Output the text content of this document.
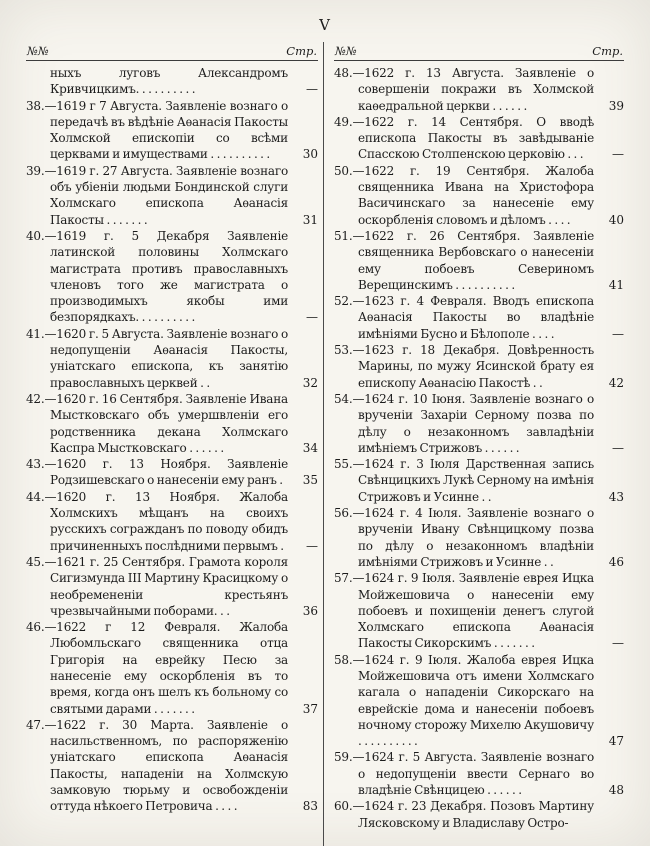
V
№№	Стр.
ныхъ луговъ Александромъ Кривчицкимъ. . . . . . . . . .	—
38.—1619 г 7 Августа. Заявленіе вознаго о передачѣ въ вѣдѣніе Аѳанасія Пакосты Холмской епископіи со всѣми церквами и имуществами . . . . . . . . . .	30
39.—1619 г. 27 Августа. Заявленіе вознаго объ убіеніи людьми Бондинской слуги Холмскаго епископа Аѳанасія Пакосты . . . . . . .	31
40.—1619 г. 5 Декабря Заявленіе латинской половины Холмскаго магистрата противъ православныхъ членовъ того же магистрата о производимыхъ якобы ими безпорядкахъ. . . . . . . . . .	—
41.—1620 г. 5 Августа. Заявленіе вознаго о недопущеніи Аѳанасія Пакосты, уніатскаго епископа, къ занятію православныхъ церквей . .	32
42.—1620 г. 16 Сентября. Заявленіе Ивана Мыстковскаго объ умершвленіи его родственника декана Холмскаго Каспра Мыстковскаго . . . . . .	34
43.—1620 г. 13 Ноября. Заявленіе Родзишевскаго о нанесеніи ему ранъ . 35
44.—1620 г. 13 Ноября. Жалоба Холмскихъ мѣщанъ на своихъ русскихъ согражданъ по поводу обидъ причиненныхъ послѣдними первымъ . —
45.—1621 г. 25 Сентября. Грамота короля Сигизмунда III Мартину Красицкому о необремененіи крестьянъ чрезвычайными поборами. . .	36
46.—1622 г 12 Февраля. Жалоба Любомльскаго священника отца Григорія на еврейку Песю за нанесеніе ему оскорбленія въ то время, когда онъ шелъ къ больному со святыми дарами . . . . . . .	37
47.—1622 г. 30 Марта. Заявленіе о насильственномъ, по распоряженію уніатскаго епископа Аѳанасія Пакосты, нападеніи на Холмскую замковую тюрьму и освобожденіи оттуда нѣкоего Петровича . . . .	83
№№	Стр.
48.—1622 г. 13 Августа. Заявленіе о совершеніи покражи въ Холмской каѳедральной церкви . . . . . .	39
49.—1622 г. 14 Сентября. О вводѣ епископа Пакосты въ завѣдываніе Спасскою Столпенскою церковію . . . —
50.—1622 г. 19 Сентября. Жалоба священника Ивана на Христофора Васичинскаго за нанесеніе ему оскорбленія словомъ и дѣломъ . . . .	40
51.—1622 г. 26 Сентября. Заявленіе священника Вербовскаго о нанесеніи ему побоевъ Севериномъ Верещинскимъ . . . . . . . . . .	41
52.—1623 г. 4 Февраля. Вводъ епископа Аѳанасія Пакосты во владѣніе имѣніями Бусно и Бѣлополе . . . .	—
53.—1623 г. 18 Декабря. Довѣренность Марины, по мужу Ясинской брату ея епископу Аѳанасію Пакостѣ . .	42
54.—1624 г. 10 Іюня. Заявленіе вознаго о врученіи Захаріи Серному позва по дѣлу о незаконномъ завладѣніи имѣніемъ Стрижовъ . . . . . .	—
55.—1624 г. 3 Іюля Дарственная запись Свѣнцицкихъ Лукѣ Серному на имѣнія Стрижовъ и Усинне . .	43
56.—1624 г. 4 Іюля. Заявленіе вознаго о врученіи Ивану Свѣнцицкому позва по дѣлу о незаконномъ владѣніи имѣніями Стрижовъ и Усинне . .	46
57.—1624 г. 9 Іюля. Заявленіе еврея Ицка Мойжешовича о нанесеніи ему побоевъ и похищеніи денегъ слугой Холмскаго епископа Аѳанасія Пакосты Сикорскимъ . . . . . . .	—
58.—1624 г. 9 Іюля. Жалоба еврея Ицка Мойжешовича отъ имени Холмскаго кагала о нападеніи Сикорскаго на еврейскіе дома и нанесеніи побоевъ ночному сторожу Михелю Акушовичу . . . . . . . . . .	47
59.—1624 г. 5 Августа. Заявленіе вознаго о недопущеніи ввести Сернаго во владѣніе Свѣнцицею . . . . . .	48
60.—1624 г. 23 Декабря. Позовъ Мартину Лясковскому и Владиславу Остро-
